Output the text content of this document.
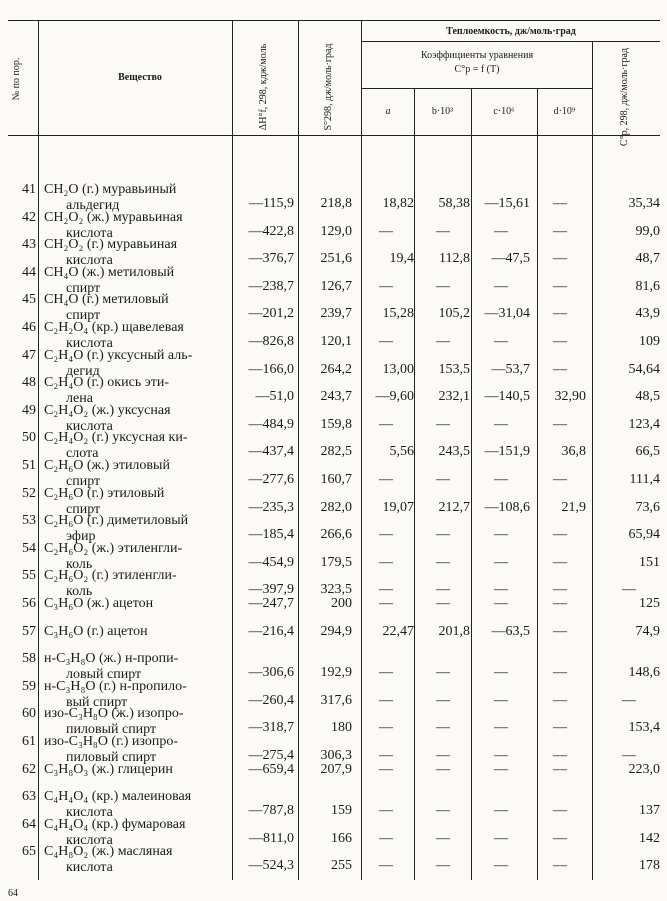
№ по пор.	Вещество	ΔH°f, 298, кдж/моль	S°298, дж/моль·град
Теплоемкость, дж/моль·град
Коэффициенты уравнения
C°p = f (T)
a	b·10³	c·10⁶	d·10⁹	C°p, 298, дж/моль·град
41 CH₂O (г.) муравьиный
альдегид	—115,9	218,8	18,82	58,38	—15,61	—	35,34
42 CH₂O₂ (ж.) муравьиная
кислота	—422,8	129,0	—	—	—	—	99,0
43 CH₂O₂ (г.) муравьиная
кислота	—376,7	251,6	19,4	112,8	—47,5	—	48,7
44 CH₄O (ж.) метиловый
спирт	—238,7	126,7	—	—	—	—	81,6
45 CH₄O (г.) метиловый
спирт	—201,2	239,7	15,28	105,2	—31,04	—	43,9
46 C₂H₂O₄ (кр.) щавелевая
кислота	—826,8	120,1	—	—	—	—	109
47 C₂H₄O (г.) уксусный аль-
дегид	—166,0	264,2	13,00	153,5	—53,7	—	54,64
48 C₂H₄O (г.) окись эти-
лена	—51,0	243,7	—9,60	232,1	—140,5	32,90	48,5
49 C₂H₄O₂ (ж.) уксусная
кислота	—484,9	159,8	—	—	—	—	123,4
50 C₂H₄O₂ (г.) уксусная ки-
слота	—437,4	282,5	5,56	243,5	—151,9	36,8	66,5
51 C₂H₆O (ж.) этиловый
спирт	—277,6	160,7	—	—	—	—	111,4
52 C₂H₆O (г.) этиловый
спирт	—235,3	282,0	19,07	212,7	—108,6	21,9	73,6
53 C₂H₆O (г.) диметиловый
эфир	—185,4	266,6	—	—	—	—	65,94
54 C₂H₆O₂ (ж.) этиленгли-
коль	—454,9	179,5	—	—	—	—	151
55 C₂H₆O₂ (г.) этиленгли-
коль	—397,9	323,5	—	—	—	—	—
56 C₃H₆O (ж.) ацетон	—247,7	200	—	—	—	—	125
57 C₃H₆O (г.) ацетон	—216,4	294,9	22,47	201,8	—63,5	—	74,9
58 н-C₃H₈O (ж.) н-пропи-
ловый спирт	—306,6	192,9	—	—	—	—	148,6
59 н-C₃H₈O (г.) н-пропило-
вый спирт	—260,4	317,6	—	—	—	—	—
60 изо-C₃H₈O (ж.) изопро-
пиловый спирт	—318,7	180	—	—	—	—	153,4
61 изо-C₃H₈O (г.) изопро-
пиловый спирт	—275,4	306,3	—	—	—	—	—
62 C₃H₈O₃ (ж.) глицерин	—659,4	207,9	—	—	—	—	223,0
63 C₄H₄O₄ (кр.) малеиновая
кислота	—787,8	159	—	—	—	—	137
64 C₄H₄O₄ (кр.) фумаровая
кислота	—811,0	166	—	—	—	—	142
65 C₄H₈O₂ (ж.) масляная
кислота	—524,3	255	—	—	—	—	178
64
